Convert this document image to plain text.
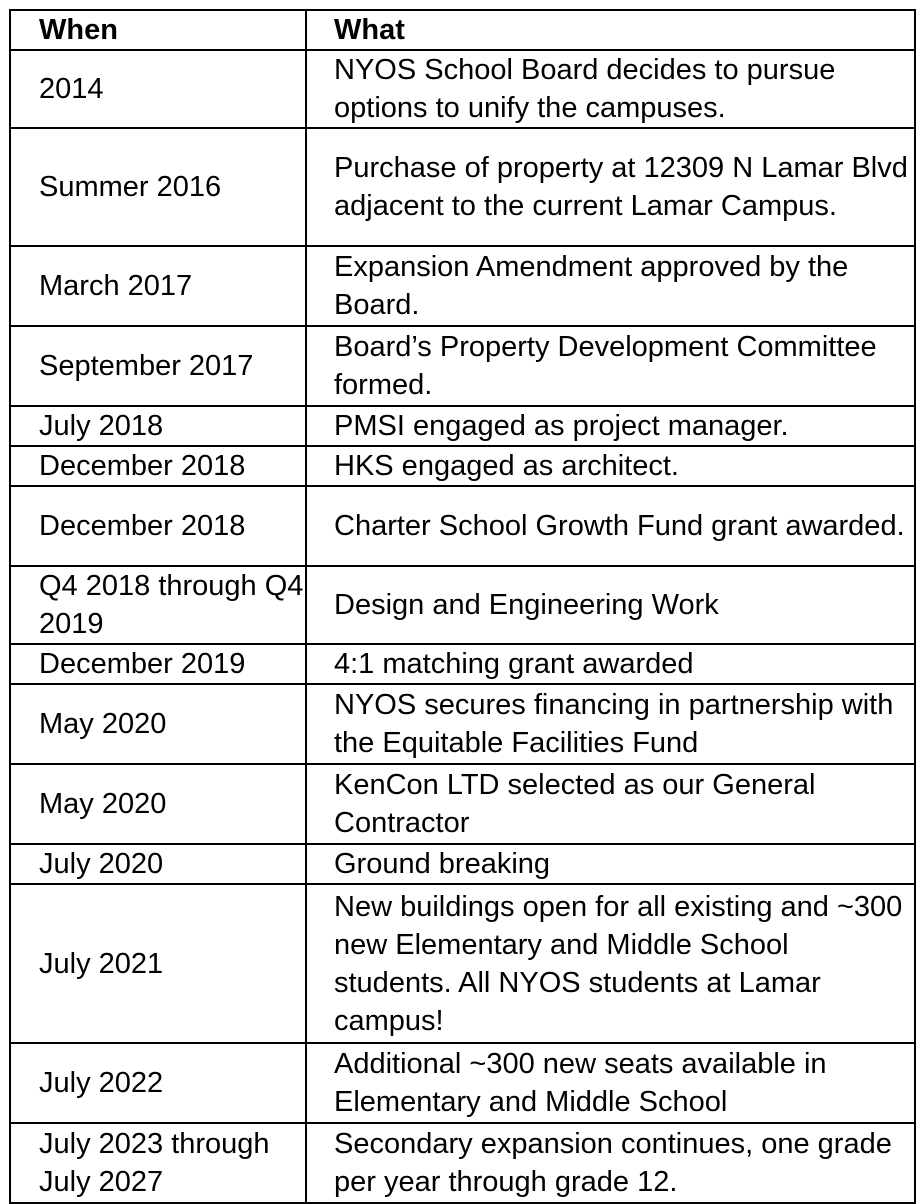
When	What
2014	NYOS School Board decides to pursue options to unify the campuses.
Summer 2016	Purchase of property at 12309 N Lamar Blvd adjacent to the current Lamar Campus.
March 2017	Expansion Amendment approved by the Board.
September 2017	Board’s Property Development Committee formed.
July 2018	PMSI engaged as project manager.
December 2018	HKS engaged as architect.
December 2018	Charter School Growth Fund grant awarded.
Q4 2018 through Q4 2019	Design and Engineering Work
December 2019	4:1 matching grant awarded
May 2020	NYOS secures financing in partnership with the Equitable Facilities Fund
May 2020	KenCon LTD selected as our General Contractor
July 2020	Ground breaking
July 2021	New buildings open for all existing and ~300 new Elementary and Middle School students. All NYOS students at Lamar campus!
July 2022	Additional ~300 new seats available in Elementary and Middle School
July 2023 through July 2027	Secondary expansion continues, one grade per year through grade 12.
